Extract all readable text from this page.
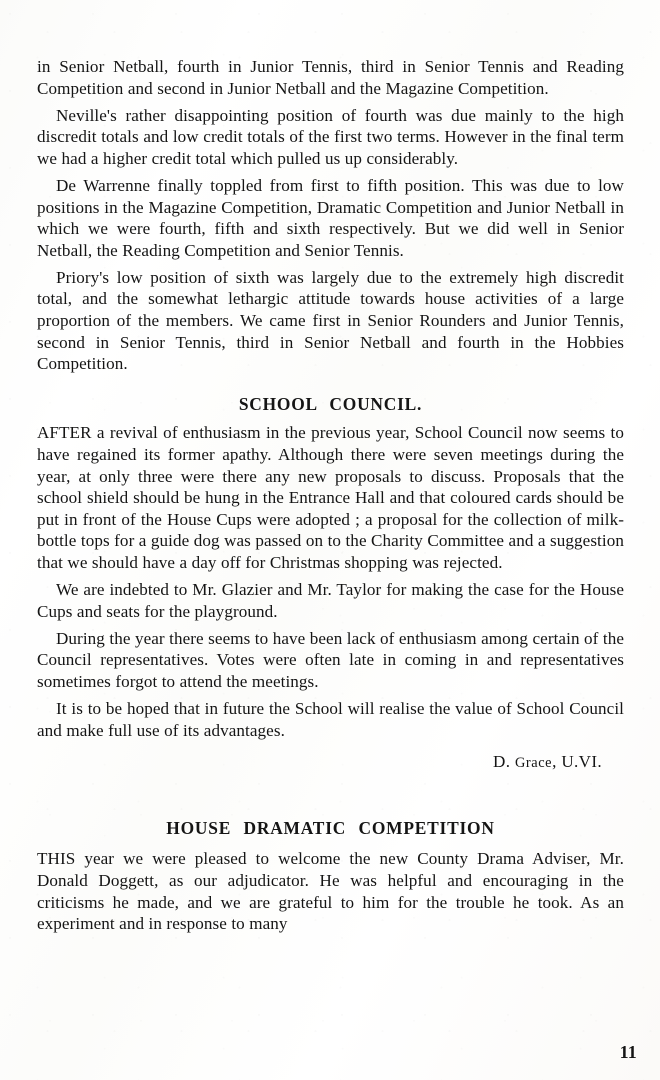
in Senior Netball, fourth in Junior Tennis, third in Senior Tennis and Reading Competition and second in Junior Netball and the Magazine Competition.

Neville's rather disappointing position of fourth was due mainly to the high discredit totals and low credit totals of the first two terms. However in the final term we had a higher credit total which pulled us up considerably.

De Warrenne finally toppled from first to fifth position. This was due to low positions in the Magazine Competition, Dramatic Competition and Junior Netball in which we were fourth, fifth and sixth respectively. But we did well in Senior Netball, the Reading Competition and Senior Tennis.

Priory's low position of sixth was largely due to the extremely high discredit total, and the somewhat lethargic attitude towards house activities of a large proportion of the members. We came first in Senior Rounders and Junior Tennis, second in Senior Tennis, third in Senior Netball and fourth in the Hobbies Competition.

SCHOOL COUNCIL.

AFTER a revival of enthusiasm in the previous year, School Council now seems to have regained its former apathy. Although there were seven meetings during the year, at only three were there any new proposals to discuss. Proposals that the school shield should be hung in the Entrance Hall and that coloured cards should be put in front of the House Cups were adopted ; a proposal for the collection of milk-bottle tops for a guide dog was passed on to the Charity Committee and a suggestion that we should have a day off for Christmas shopping was rejected.

We are indebted to Mr. Glazier and Mr. Taylor for making the case for the House Cups and seats for the playground.

During the year there seems to have been lack of enthusiasm among certain of the Council representatives. Votes were often late in coming in and representatives sometimes forgot to attend the meetings.

It is to be hoped that in future the School will realise the value of School Council and make full use of its advantages.

D. Grace, U.VI.

HOUSE DRAMATIC COMPETITION

THIS year we were pleased to welcome the new County Drama Adviser, Mr. Donald Doggett, as our adjudicator. He was helpful and encouraging in the criticisms he made, and we are grateful to him for the trouble he took. As an experiment and in response to many

11
